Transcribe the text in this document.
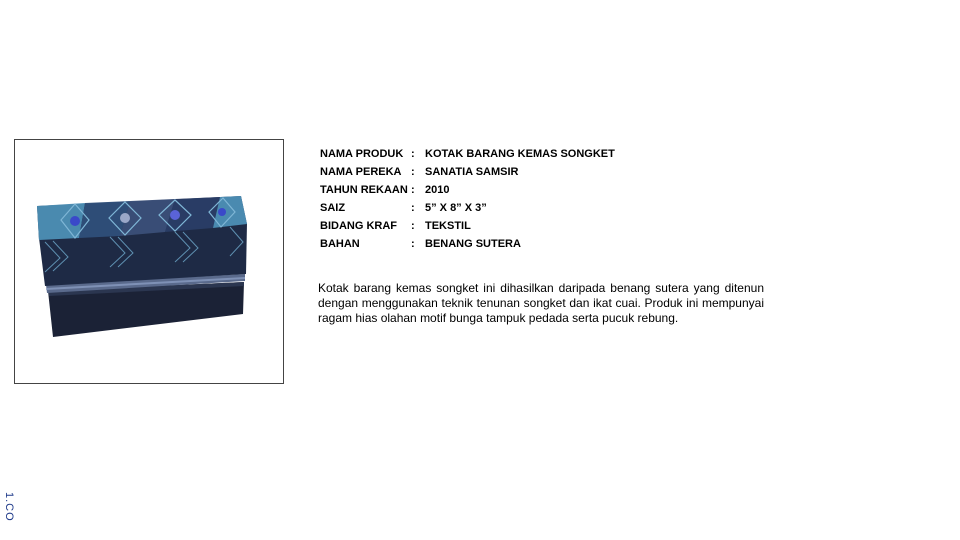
NAMA PRODUK	:	KOTAK BARANG KEMAS SONGKET
NAMA PEREKA	:	SANATIA SAMSIR
TAHUN REKAAN	:	2010
SAIZ	:	5” X 8” X 3”
BIDANG KRAF	:	TEKSTIL
BAHAN	:	BENANG SUTERA

Kotak barang kemas songket ini dihasilkan daripada benang sutera yang ditenun dengan menggunakan teknik tenunan songket dan ikat cuai. Produk ini mempunyai ragam hias olahan motif bunga tampuk pedada serta pucuk rebung.

1.CO
